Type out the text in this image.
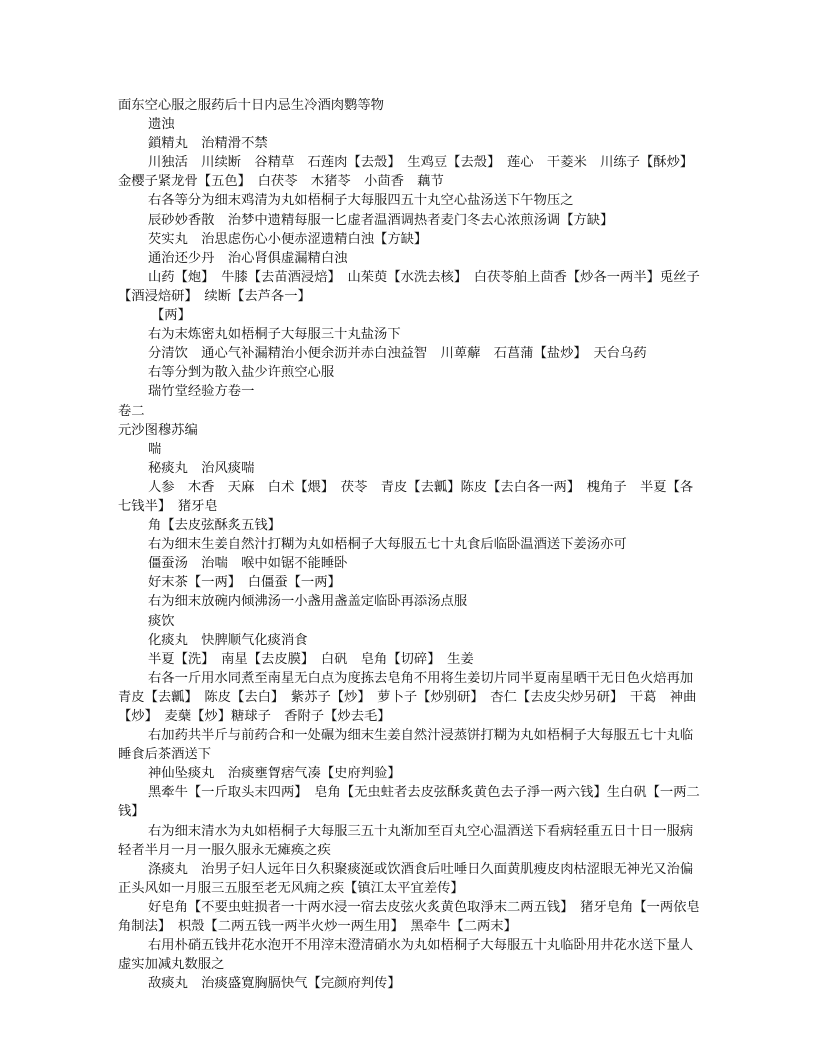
面东空心服之服药后十日内忌生冷酒肉鹦等物

遗浊

鎖精丸　治精滑不禁

川独活　川续断　谷精草　石莲肉【去殼】　生鸡豆【去殼】　莲心　干菱米　川练子【酥炒】　金樱子紧龙骨【五色】　白茯苓　木猪苓　小茴香　藕节

右各等分为细末鸡清为丸如梧桐子大每服四五十丸空心盐汤送下午物压之

辰砂妙香散　治梦中遗精每服一匕虚者温酒调热者麦门冬去心浓煎汤调【方缺】

芡实丸　治思虑伤心小便赤涩遗精白浊【方缺】

通治还少丹　治心肾俱虚漏精白浊

山药【炮】　牛膝【去苗酒浸焙】　山茱萸【水洗去核】　白茯苓舶上茴香【炒各一两半】兎丝子【酒浸焙研】　续断【去芦各一】

【两】

右为末炼密丸如梧桐子大每服三十丸盐汤下

分清饮　通心气补漏精治小便余沥并赤白浊益智　川萆薢　石菖蒲【盐炒】　天台乌药

右等分剉为散入盐少许煎空心服

瑞竹堂经验方卷一

卷二

元沙图穆苏编

喘

秘痰丸　治风痰喘

人参　木香　天麻　白术【煨】　茯苓　青皮【去瓤】陈皮【去白各一两】　槐角子　半夏【各七钱半】　猪牙皂

角【去皮弦酥炙五钱】

右为细末生姜自然汁打糊为丸如梧桐子大每服五七十丸食后临卧温酒送下姜汤亦可

僵蚕汤　治喘　喉中如锯不能睡卧

好末茶【一两】　白僵蚕【一两】

右为细末放碗内倾沸汤一小盏用盏盖定临卧再添汤点服

痰饮

化痰丸　快脾顺气化痰消食

半夏【洗】　南星【去皮膜】　白矾　皂角【切碎】　生姜

右各一斤用水同煮至南星无白点为度拣去皂角不用将生姜切片同半夏南星晒干无日色火焙再加　青皮【去瓤】　陈皮【去白】　紫苏子【炒】　萝卜子【炒别研】　杏仁【去皮尖炒另研】　干葛　神曲【炒】　麦蘖【炒】糖球子　香附子【炒去毛】

右加药共半斤与前药合和一处碾为细末生姜自然汁浸蒸饼打糊为丸如梧桐子大每服五七十丸临睡食后茶酒送下

神仙坠痰丸　治痰壅胷痞气凑【史府判验】

黑牽牛【一斤取头末四两】　皂角【无虫蛀者去皮弦酥炙黄色去子淨一两六钱】生白矾【一两二钱】

右为细末清水为丸如梧桐子大每服三五十丸渐加至百丸空心温酒送下看病轻重五日十日一服病轻者半月一月一服久服永无瘫痪之疾

涤痰丸　治男子妇人远年日久积聚痰涎或饮酒食后吐唾日久面黄肌瘦皮肉枯涩眼无神光又治偏正头风如一月服三五服至老无风痈之疾【镇江太平宜差传】

好皂角【不要虫蛀损者一十两水浸一宿去皮弦火炙黄色取淨末二两五钱】　猪牙皂角【一两依皂角制法】　枳殼【二两五钱一两半火炒一两生用】　黑牵牛【二两末】

右用朴硝五钱井花水泡开不用滓末澄清硝水为丸如梧桐子大每服五十丸临卧用井花水送下量人虚实加减丸数服之

敌痰丸　治痰盛寛胸膈快气【完颜府判传】
